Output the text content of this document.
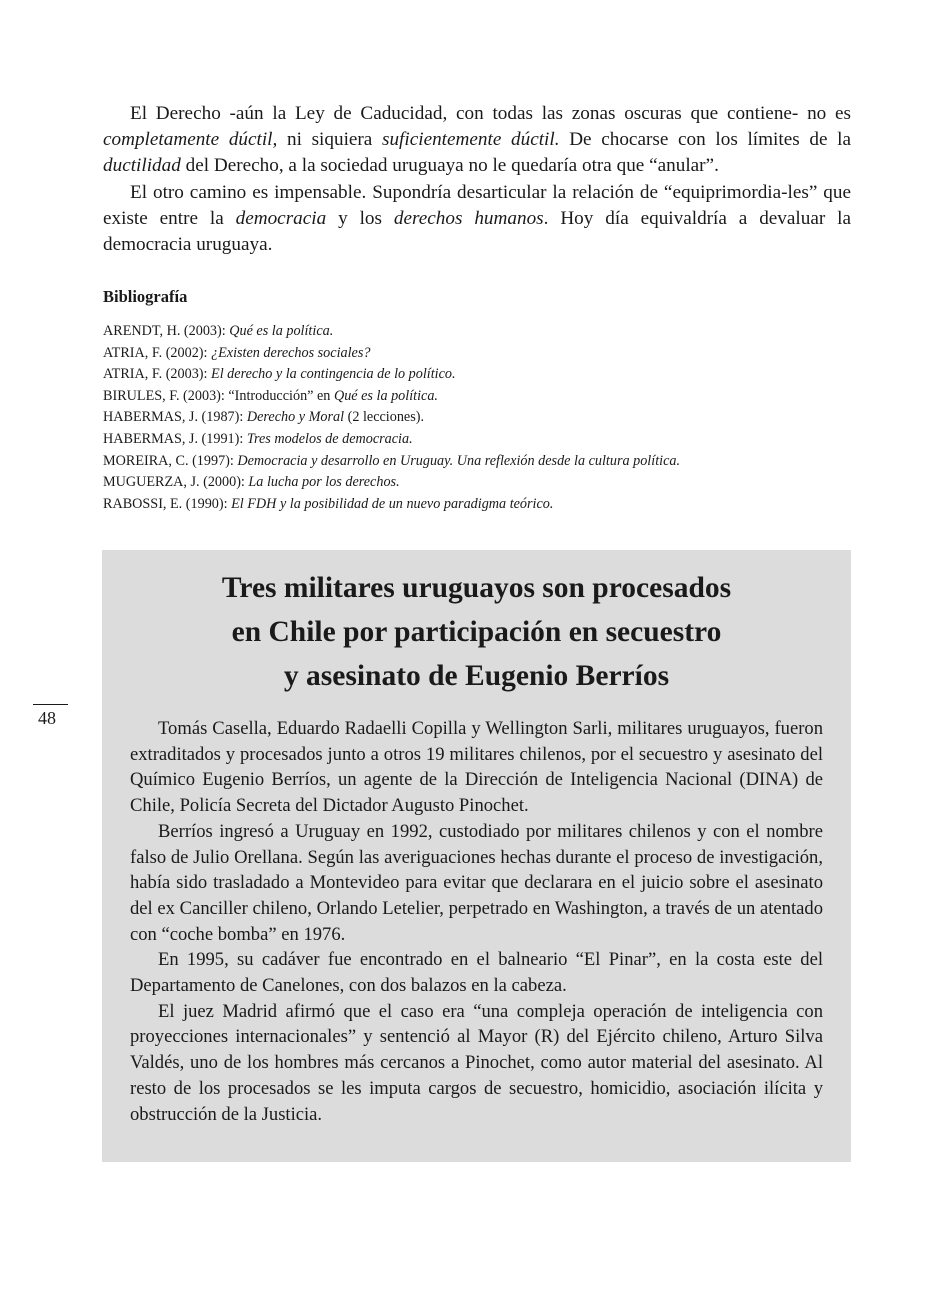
El Derecho -aún la Ley de Caducidad, con todas las zonas oscuras que contiene- no es completamente dúctil, ni siquiera suficientemente dúctil. De chocarse con los límites de la ductilidad del Derecho, a la sociedad uruguaya no le quedaría otra que “anular”.

El otro camino es impensable. Supondría desarticular la relación de “equiprimordia-les” que existe entre la democracia y los derechos humanos. Hoy día equivaldría a devaluar la democracia uruguaya.

Bibliografía
ARENDT, H. (2003): Qué es la política.
ATRIA, F. (2002): ¿Existen derechos sociales?
ATRIA, F. (2003): El derecho y la contingencia de lo político.
BIRULES, F. (2003): “Introducción” en Qué es la política.
HABERMAS, J. (1987): Derecho y Moral (2 lecciones).
HABERMAS, J. (1991): Tres modelos de democracia.
MOREIRA, C. (1997): Democracia y desarrollo en Uruguay. Una reflexión desde la cultura política.
MUGUERZA, J. (2000): La lucha por los derechos.
RABOSSI, E. (1990): El FDH y la posibilidad de un nuevo paradigma teórico.
Tres militares uruguayos son procesados
en Chile por participación en secuestro
y asesinato de Eugenio Berríos

Tomás Casella, Eduardo Radaelli Copilla y Wellington Sarli, militares uruguayos, fueron extraditados y procesados junto a otros 19 militares chilenos, por el secuestro y asesinato del Químico Eugenio Berríos, un agente de la Dirección de Inteligencia Nacional (DINA) de Chile, Policía Secreta del Dictador Augusto Pinochet.

Berríos ingresó a Uruguay en 1992, custodiado por militares chilenos y con el nombre falso de Julio Orellana. Según las averiguaciones hechas durante el proceso de investigación, había sido trasladado a Montevideo para evitar que declarara en el juicio sobre el asesinato del ex Canciller chileno, Orlando Letelier, perpetrado en Washington, a través de un atentado con “coche bomba” en 1976.

En 1995, su cadáver fue encontrado en el balneario “El Pinar”, en la costa este del Departamento de Canelones, con dos balazos en la cabeza.

El juez Madrid afirmó que el caso era “una compleja operación de inteligencia con proyecciones internacionales” y sentenció al Mayor (R) del Ejército chileno, Arturo Silva Valdés, uno de los hombres más cercanos a Pinochet, como autor material del asesinato. Al resto de los procesados se les imputa cargos de secuestro, homicidio, asociación ilícita y obstrucción de la Justicia.

48
